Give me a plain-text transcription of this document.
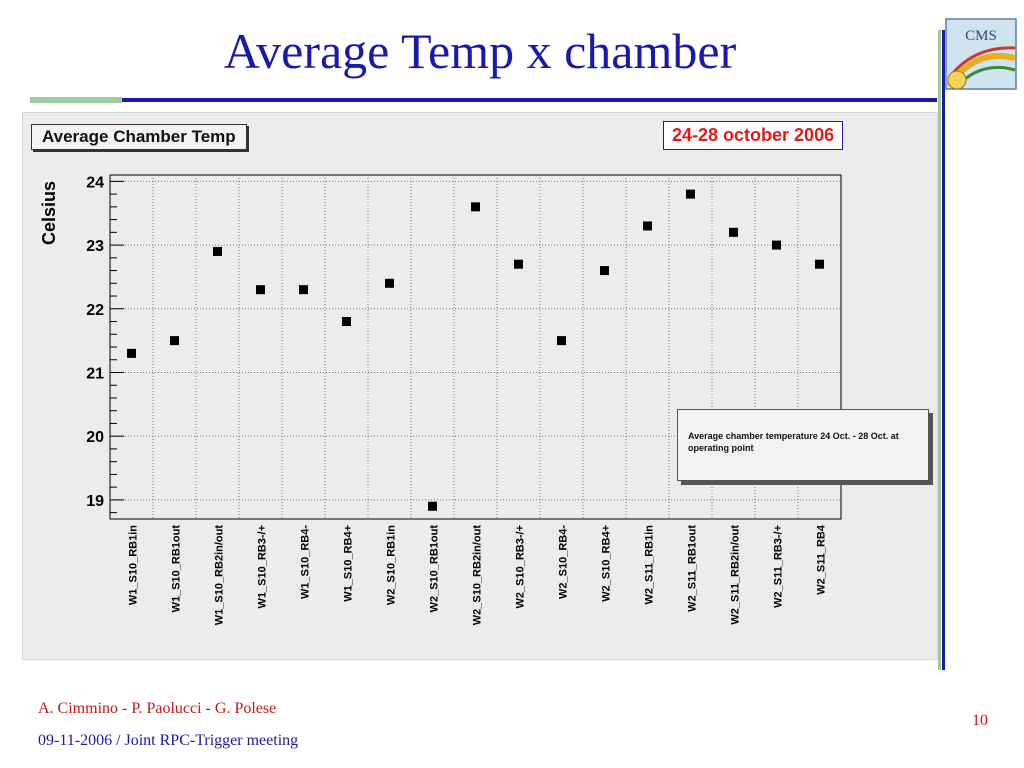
Average Temp x chamber	CMS
19
20
21
22
23
24
W1_S10_RB1in	W1_S10_RB1out	W1_S10_RB2in/out	W1_S10_RB3-/+	W1_S10_RB4-	W1_S10_RB4+	W2_S10_RB1in	W2_S10_RB1out	W2_S10_RB2in/out	W2_S10_RB3-/+	W2_S10_RB4-	W2_S10_RB4+	W2_S11_RB1in	W2_S11_RB1out	W2_S11_RB2in/out	W2_S11_RB3-/+	W2_S11_RB4
Celsius
Average Chamber Temp	24-28 october 2006
Average chamber temperature 24 Oct. - 28 Oct. at operating point
A. Cimmino - P. Paolucci - G. Polese
09-11-2006 / Joint RPC-Trigger meeting
10
